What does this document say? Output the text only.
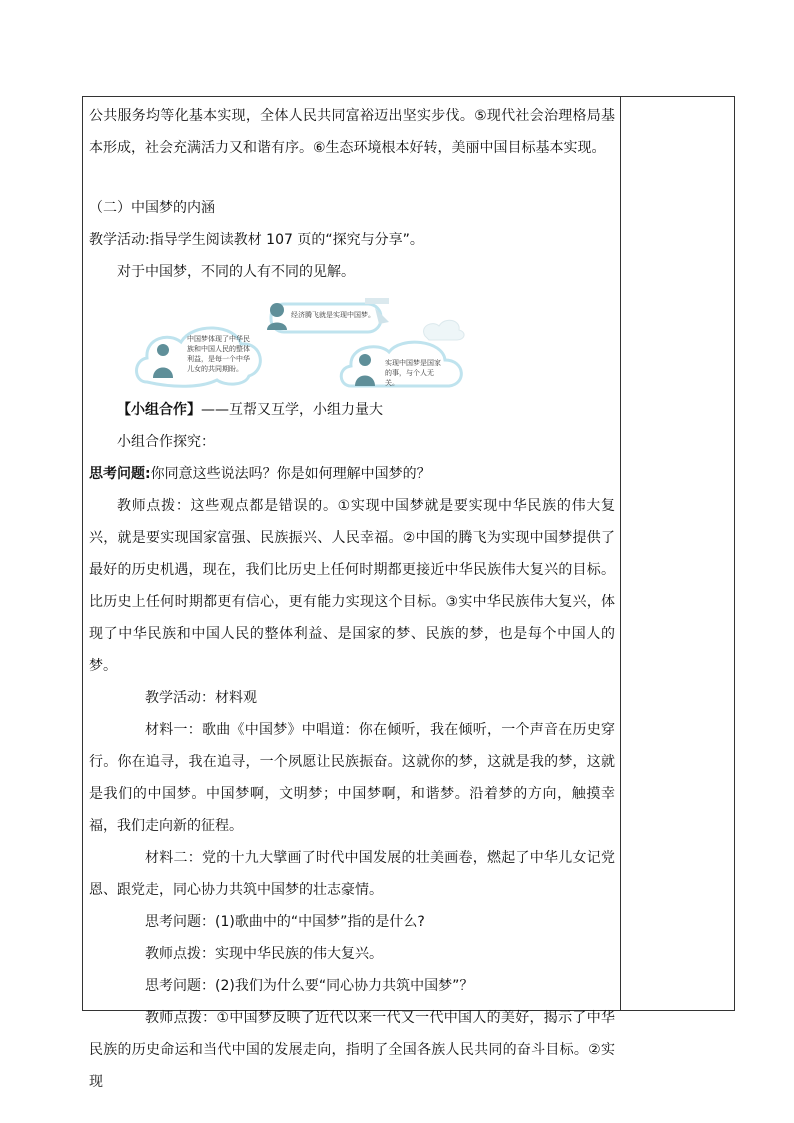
公共服务均等化基本实现，全体人民共同富裕迈出坚实步伐。⑤现代社会治理格局基本形成，社会充满活力又和谐有序。⑥生态环境根本好转，美丽中国目标基本实现。

（二）中国梦的内涵

教学活动:指导学生阅读教材 107 页的“探究与分享”。

对于中国梦，不同的人有不同的见解。

中国梦体现了中华民族和中国人民的整体利益，是每一个中华儿女的共同期盼。
经济腾飞就是实现中国梦。
实现中国梦是国家的事，与个人无关。

【小组合作】——互帮又互学，小组力量大

小组合作探究：

思考问题:你同意这些说法吗？你是如何理解中国梦的？

教师点拨：这些观点都是错误的。①实现中国梦就是要实现中华民族的伟大复兴，就是要实现国家富强、民族振兴、人民幸福。②中国的腾飞为实现中国梦提供了最好的历史机遇，现在，我们比历史上任何时期都更接近中华民族伟大复兴的目标。比历史上任何时期都更有信心，更有能力实现这个目标。③实中华民族伟大复兴，体现了中华民族和中国人民的整体利益、是国家的梦、民族的梦，也是每个中国人的梦。

教学活动：材料观

材料一：歌曲《中国梦》中唱道：你在倾听，我在倾听，一个声音在历史穿行。你在追寻，我在追寻，一个夙愿让民族振奋。这就你的梦，这就是我的梦，这就是我们的中国梦。中国梦啊，文明梦；中国梦啊，和谐梦。沿着梦的方向，触摸幸福，我们走向新的征程。

材料二：党的十九大擘画了时代中国发展的壮美画卷，燃起了中华儿女记党恩、跟党走，同心协力共筑中国梦的壮志豪情。

思考问题：(1)歌曲中的“中国梦”指的是什么?

教师点拨：实现中华民族的伟大复兴。

思考问题：(2)我们为什么要“同心协力共筑中国梦”？

教师点拨：①中国梦反映了近代以来一代又一代中国人的美好，揭示了中华民族的历史命运和当代中国的发展走向，指明了全国各族人民共同的奋斗目标。②实现
